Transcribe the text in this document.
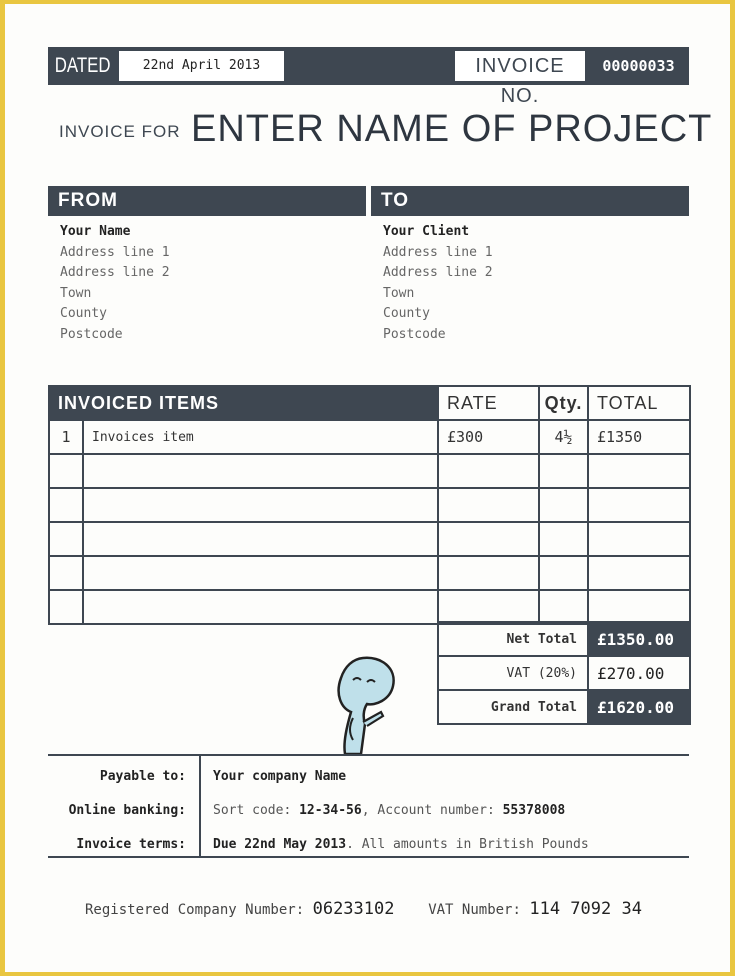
DATED	22nd April 2013	INVOICE NO.
00000033
INVOICE FOR ENTER NAME OF PROJECT
FROM	TO
Your Name
Address line 1
Address line 2
Town
County
Postcode
Your Client
Address line 1
Address line 2
Town
County
Postcode
INVOICED ITEMS		RATE	Qty.	TOTAL
1	Invoices item	£300	4½	£1350

Net Total	£1350.00
VAT (20%)	£270.00
Grand Total	£1620.00
Payable to: Your company Name
Online banking: Sort code: 12-34-56, Account number: 55378008
Invoice terms: Due 22nd May 2013. All amounts in British Pounds
Registered Company Number: 06233102 VAT Number: 114 7092 34
